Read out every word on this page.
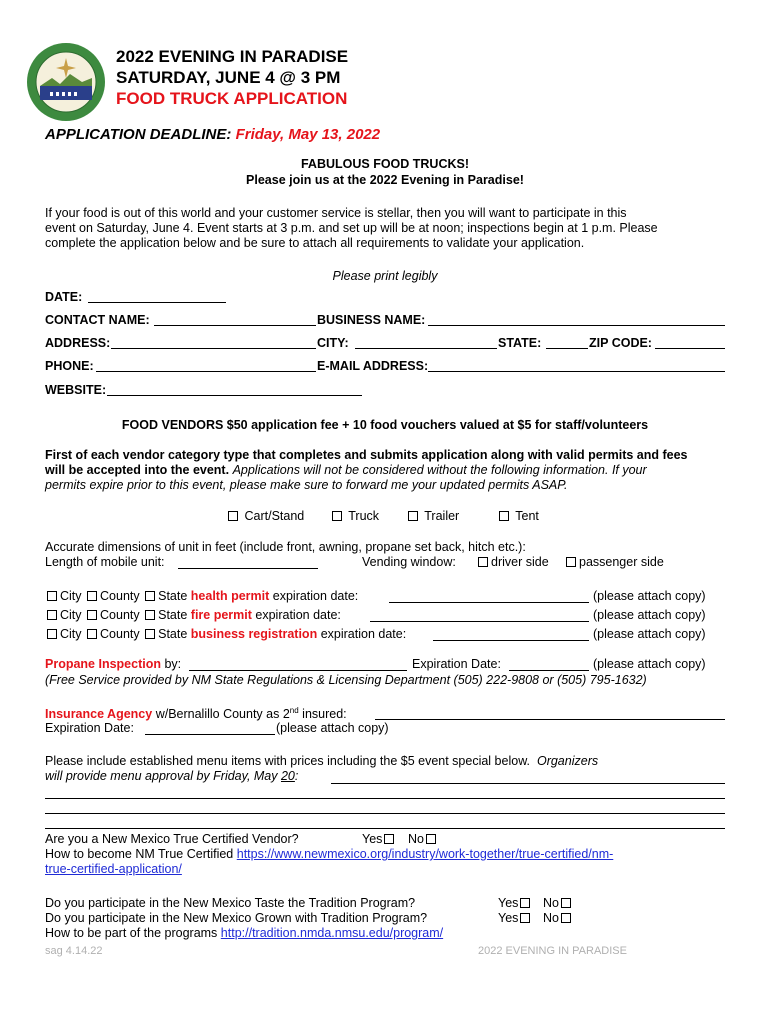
2022 EVENING IN PARADISE
SATURDAY, JUNE 4 @ 3 PM
FOOD TRUCK APPLICATION
APPLICATION DEADLINE: Friday, May 13, 2022
FABULOUS FOOD TRUCKS!
Please join us at the 2022 Evening in Paradise!
If your food is out of this world and your customer service is stellar, then you will want to participate in this
event on Saturday, June 4. Event starts at 3 p.m. and set up will be at noon; inspections begin at 1 p.m. Please
complete the application below and be sure to attach all requirements to validate your application.
Please print legibly
DATE:
CONTACT NAME:	BUSINESS NAME:
ADDRESS:	CITY:	STATE:	ZIP CODE:
PHONE:	E-MAIL ADDRESS:
WEBSITE:
FOOD VENDORS $50 application fee + 10 food vouchers valued at $5 for staff/volunteers
First of each vendor category type that completes and submits application along with valid permits and fees
will be accepted into the event. Applications will not be considered without the following information. If your
permits expire prior to this event, please make sure to forward me your updated permits ASAP.
Cart/Stand	Truck	Trailer	Tent
Accurate dimensions of unit in feet (include front, awning, propane set back, hitch etc.):
Length of mobile unit:	Vending window:	driver side	passenger side
City County State health permit expiration date:	(please attach copy)
City County State fire permit expiration date:	(please attach copy)
City County State business registration expiration date:	(please attach copy)
Propane Inspection by:	Expiration Date:	(please attach copy)
(Free Service provided by NM State Regulations & Licensing Department (505) 222-9808 or (505) 795-1632)
Insurance Agency w/Bernalillo County as 2nd insured:
Expiration Date:	(please attach copy)
Please include established menu items with prices including the $5 event special below. Organizers
will provide menu approval by Friday, May 20:
Are you a New Mexico True Certified Vendor?	Yes	No
How to become NM True Certified https://www.newmexico.org/industry/work-together/true-certified/nm-
true-certified-application/
Do you participate in the New Mexico Taste the Tradition Program?	Yes	No
Do you participate in the New Mexico Grown with Tradition Program?	Yes	No
How to be part of the programs http://tradition.nmda.nmsu.edu/program/
sag 4.14.22	2022 EVENING IN PARADISE
